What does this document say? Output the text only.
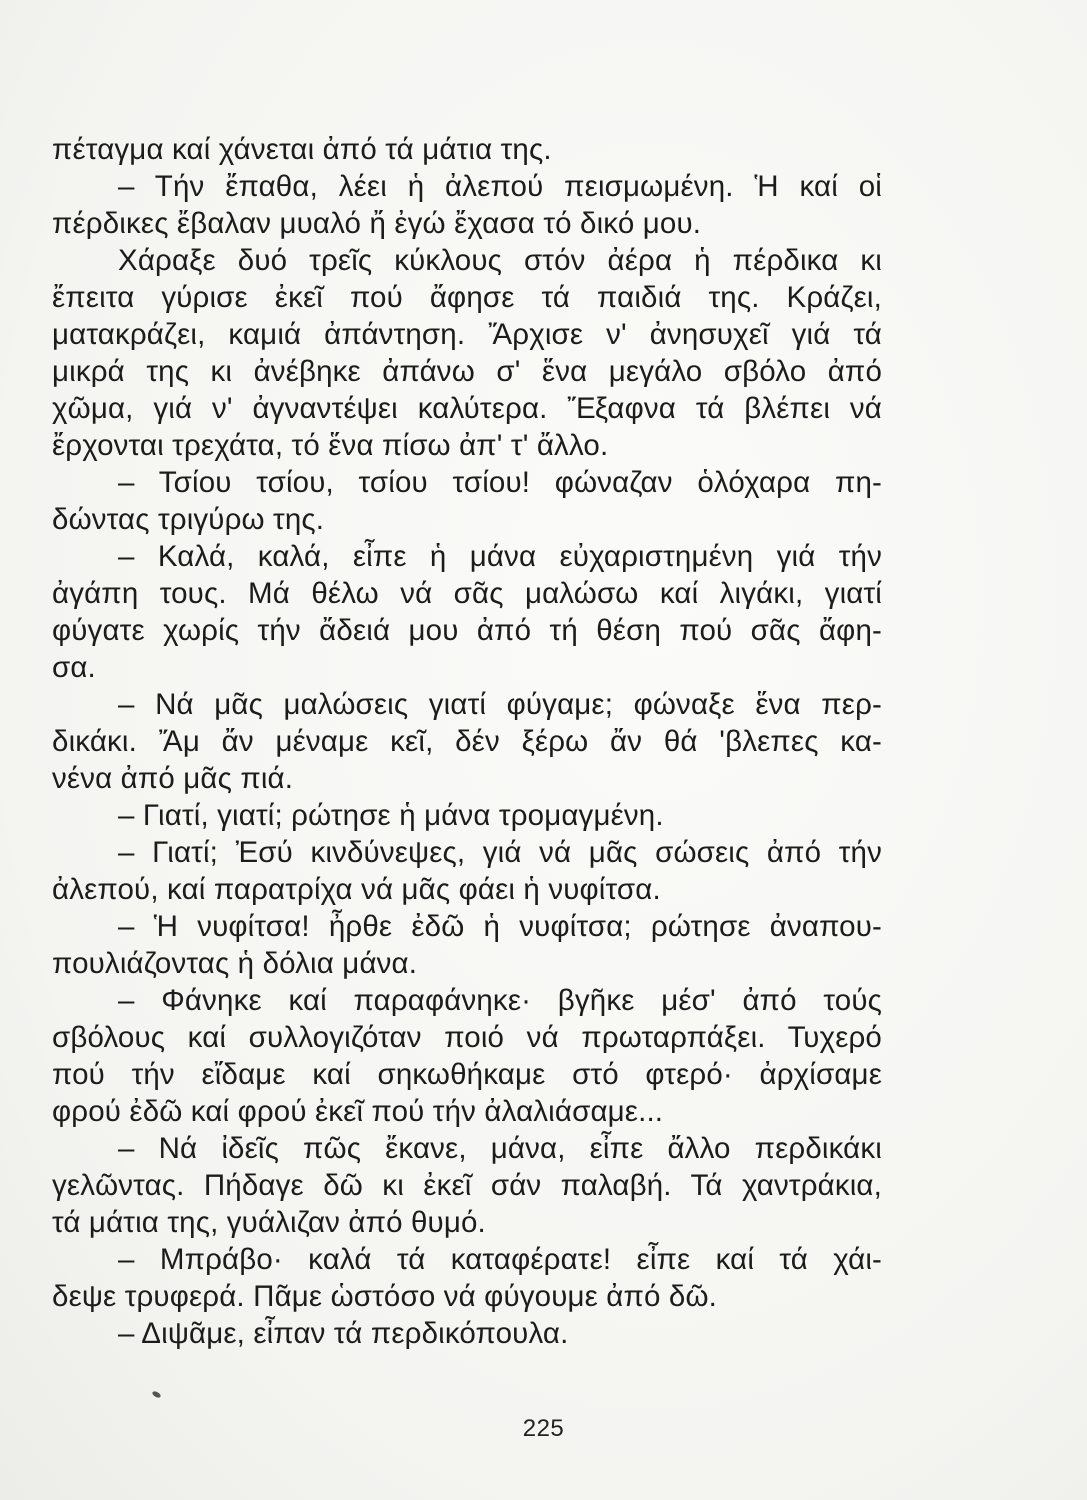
πέταγμα καί χάνεται ἀπό τά μάτια της.
– Τήν ἔπαθα, λέει ἡ ἀλεπού πεισμωμένη. Ἡ καί οἱ
πέρδικες ἔβαλαν μυαλό ἤ ἐγώ ἔχασα τό δικό μου.
Χάραξε δυό τρεῖς κύκλους στόν ἀέρα ἡ πέρδικα κι
ἔπειτα γύρισε ἐκεῖ πού ἄφησε τά παιδιά της. Κράζει,
ματακράζει, καμιά ἀπάντηση. Ἄρχισε ν' ἀνησυχεῖ γιά τά
μικρά της κι ἀνέβηκε ἀπάνω σ' ἕνα μεγάλο σβόλο ἀπό
χῶμα, γιά ν' ἀγναντέψει καλύτερα. Ἔξαφνα τά βλέπει νά
ἔρχονται τρεχάτα, τό ἕνα πίσω ἀπ' τ' ἄλλο.
– Τσίου τσίου, τσίου τσίου! φώναζαν ὁλόχαρα πη-
δώντας τριγύρω της.
– Καλά, καλά, εἶπε ἡ μάνα εὐχαριστημένη γιά τήν
ἀγάπη τους. Μά θέλω νά σᾶς μαλώσω καί λιγάκι, γιατί
φύγατε χωρίς τήν ἄδειά μου ἀπό τή θέση πού σᾶς ἄφη-
σα.
– Νά μᾶς μαλώσεις γιατί φύγαμε; φώναξε ἕνα περ-
δικάκι. Ἄμ ἄν μέναμε κεῖ, δέν ξέρω ἄν θά 'βλεπες κα-
νένα ἀπό μᾶς πιά.
– Γιατί, γιατί; ρώτησε ἡ μάνα τρομαγμένη.
– Γιατί; Ἐσύ κινδύνεψες, γιά νά μᾶς σώσεις ἀπό τήν
ἀλεπού, καί παρατρίχα νά μᾶς φάει ἡ νυφίτσα.
– Ἡ νυφίτσα! ἦρθε ἐδῶ ἡ νυφίτσα; ρώτησε ἀναπου-
πουλιάζοντας ἡ δόλια μάνα.
– Φάνηκε καί παραφάνηκε· βγῆκε μέσ' ἀπό τούς
σβόλους καί συλλογιζόταν ποιό νά πρωταρπάξει. Τυχερό
πού τήν εἴδαμε καί σηκωθήκαμε στό φτερό· ἀρχίσαμε
φρού ἐδῶ καί φρού ἐκεῖ πού τήν ἀλαλιάσαμε...
– Νά ἰδεῖς πῶς ἔκανε, μάνα, εἶπε ἄλλο περδικάκι
γελῶντας. Πήδαγε δῶ κι ἐκεῖ σάν παλαβή. Τά χαντράκια,
τά μάτια της, γυάλιζαν ἀπό θυμό.
– Μπράβο· καλά τά καταφέρατε! εἶπε καί τά χάι-
δεψε τρυφερά. Πᾶμε ὡστόσο νά φύγουμε ἀπό δῶ.
– Διψᾶμε, εἶπαν τά περδικόπουλα.
225
